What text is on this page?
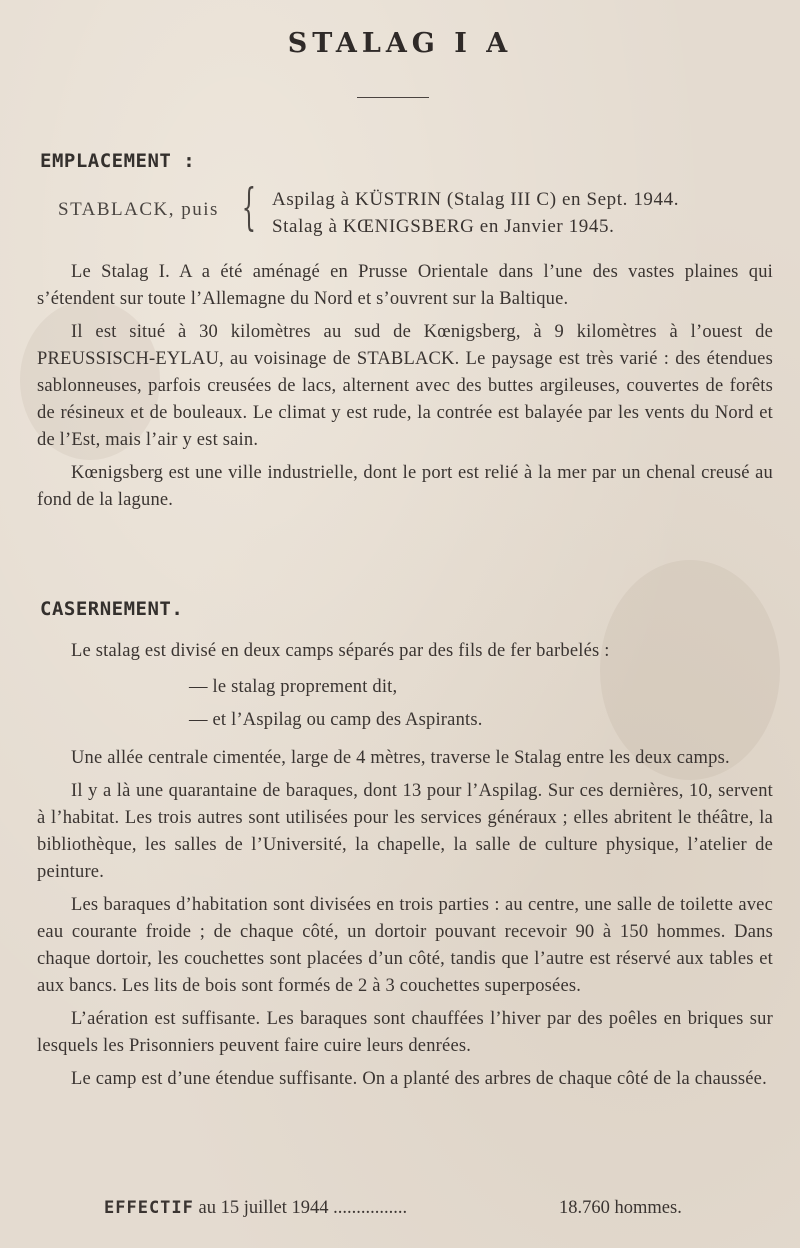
STALAG I A
EMPLACEMENT :
STABLACK, puis { Aspilag à KÜSTRIN (Stalag III C) en Sept. 1944.
Stalag à KŒNIGSBERG en Janvier 1945.

Le Stalag I. A a été aménagé en Prusse Orientale dans l’une des vastes plaines qui s’étendent sur toute l’Allemagne du Nord et s’ouvrent sur la Baltique.

Il est situé à 30 kilomètres au sud de Kœnigsberg, à 9 kilomètres à l’ouest de PREUSSISCH-EYLAU, au voisinage de STABLACK. Le paysage est très varié : des étendues sablonneuses, parfois creusées de lacs, alternent avec des buttes argileuses, couvertes de forêts de résineux et de bouleaux. Le climat y est rude, la contrée est balayée par les vents du Nord et de l’Est, mais l’air y est sain.

Kœnigsberg est une ville industrielle, dont le port est relié à la mer par un chenal creusé au fond de la lagune.

CASERNEMENT.

Le stalag est divisé en deux camps séparés par des fils de fer barbelés :

— le stalag proprement dit,
— et l’Aspilag ou camp des Aspirants.

Une allée centrale cimentée, large de 4 mètres, traverse le Stalag entre les deux camps.

Il y a là une quarantaine de baraques, dont 13 pour l’Aspilag. Sur ces dernières, 10, servent à l’habitat. Les trois autres sont utilisées pour les services généraux ; elles abritent le théâtre, la bibliothèque, les salles de l’Université, la chapelle, la salle de culture physique, l’atelier de peinture.

Les baraques d’habitation sont divisées en trois parties : au centre, une salle de toilette avec eau courante froide ; de chaque côté, un dortoir pouvant recevoir 90 à 150 hommes. Dans chaque dortoir, les couchettes sont placées d’un côté, tandis que l’autre est réservé aux tables et aux bancs. Les lits de bois sont formés de 2 à 3 couchettes superposées.

L’aération est suffisante. Les baraques sont chauffées l’hiver par des poêles en briques sur lesquels les Prisonniers peuvent faire cuire leurs denrées.

Le camp est d’une étendue suffisante. On a planté des arbres de chaque côté de la chaussée.

EFFECTIF au 15 juillet 1944 ................	18.760 hommes.
